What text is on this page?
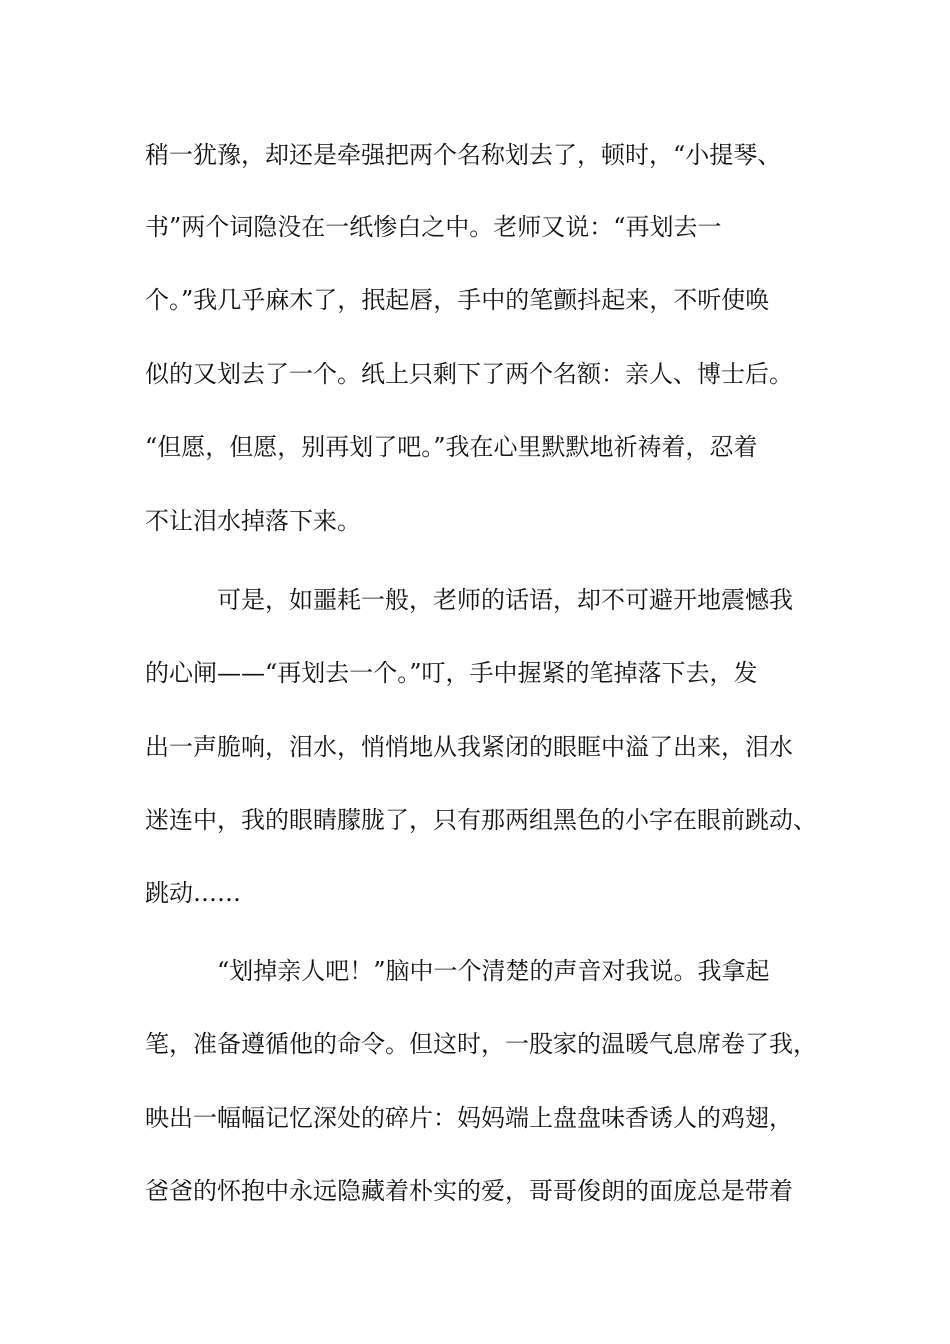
稍一犹豫，却还是牵强把两个名称划去了，顿时，“小提琴、
书”两个词隐没在一纸惨白之中。老师又说：“再划去一
个。”我几乎麻木了，抿起唇，手中的笔颤抖起来，不听使唤
似的又划去了一个。纸上只剩下了两个名额：亲人、博士后。
“但愿，但愿，别再划了吧。”我在心里默默地祈祷着，忍着
不让泪水掉落下来。
可是，如噩耗一般，老师的话语，却不可避开地震憾我
的心闸——“再划去一个。”叮，手中握紧的笔掉落下去，发
出一声脆响，泪水，悄悄地从我紧闭的眼眶中溢了出来，泪水
迷连中，我的眼睛朦胧了，只有那两组黑色的小字在眼前跳动、
跳动……
“划掉亲人吧！”脑中一个清楚的声音对我说。我拿起
笔，准备遵循他的命令。但这时，一股家的温暖气息席卷了我，
映出一幅幅记忆深处的碎片：妈妈端上盘盘味香诱人的鸡翅，
爸爸的怀抱中永远隐藏着朴实的爱，哥哥俊朗的面庞总是带着
